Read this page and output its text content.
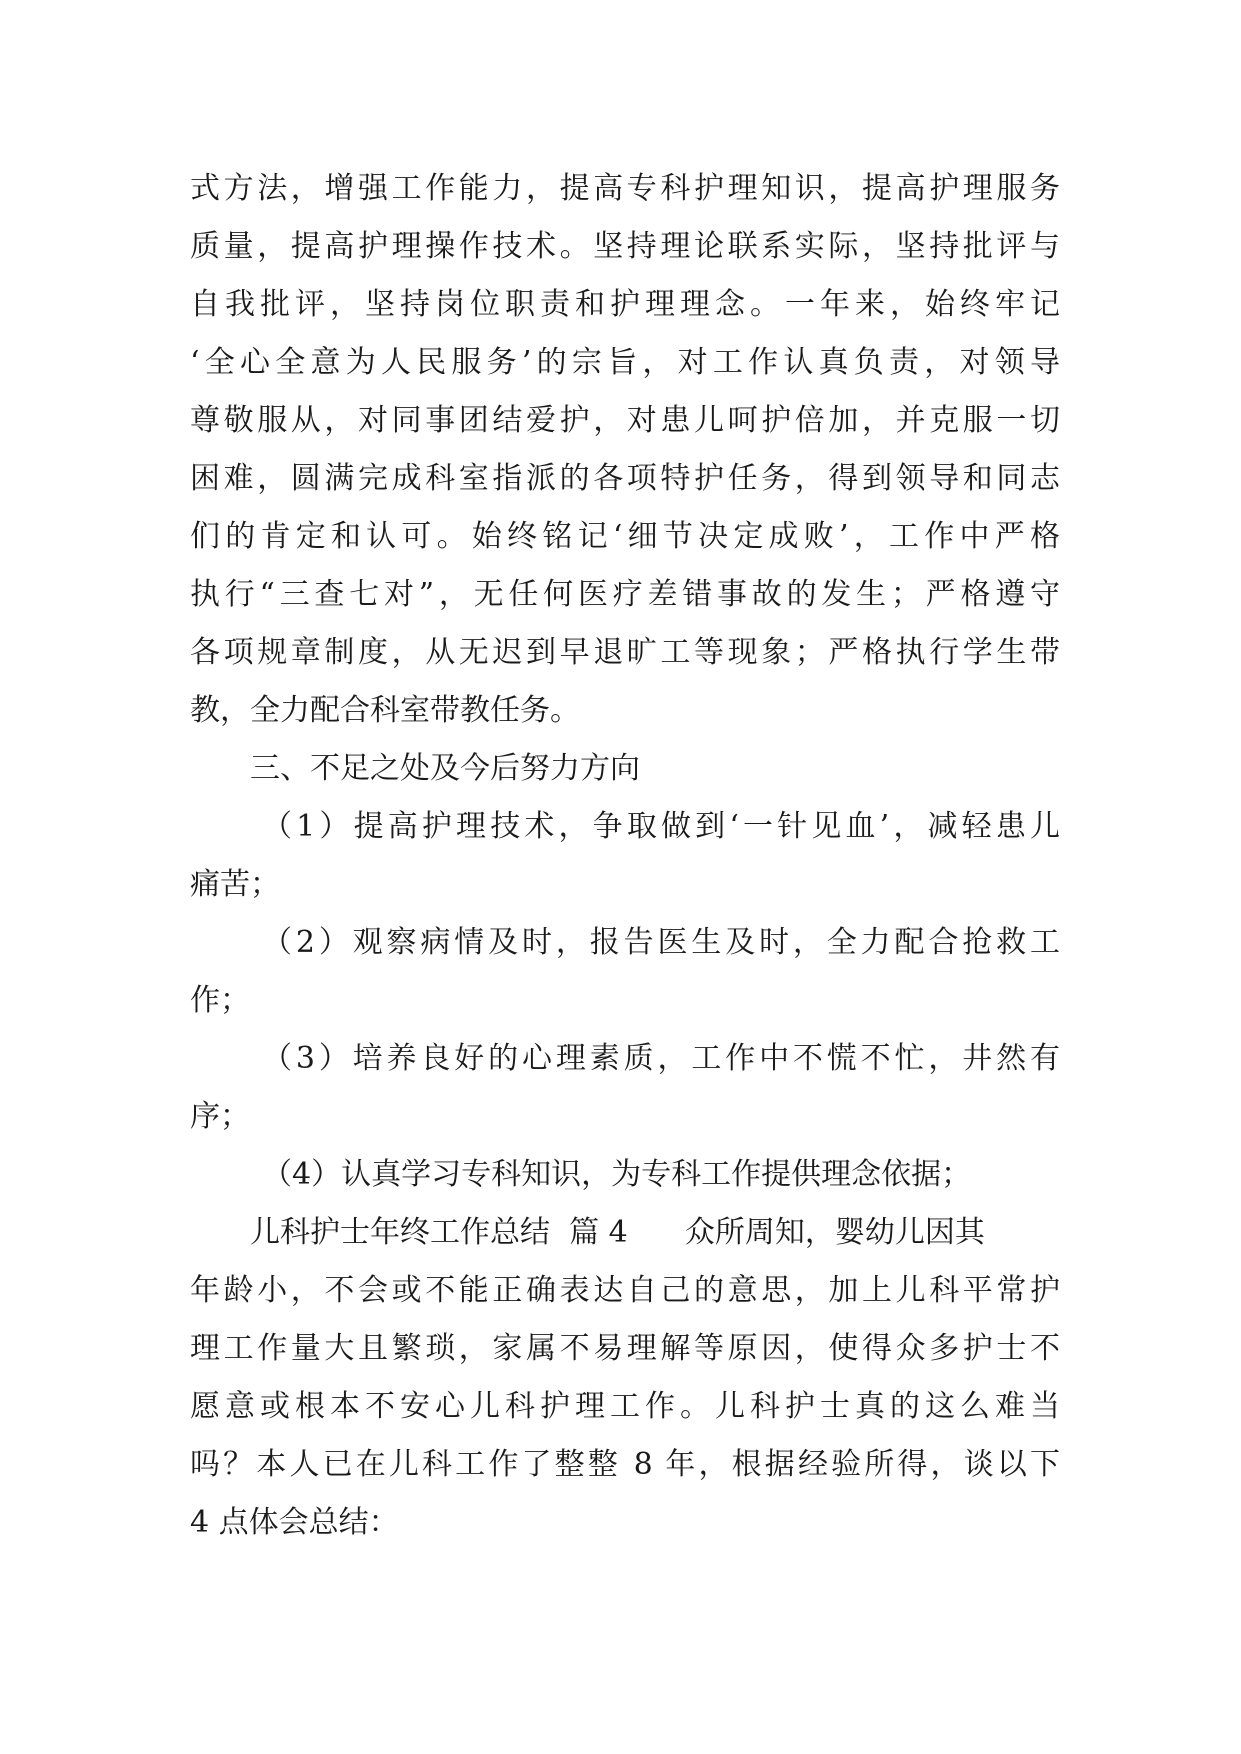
式方法，增强工作能力，提高专科护理知识，提高护理服务
质量，提高护理操作技术。坚持理论联系实际，坚持批评与
自我批评，坚持岗位职责和护理理念。一年来，始终牢记
‘全心全意为人民服务’的宗旨，对工作认真负责，对领导
尊敬服从，对同事团结爱护，对患儿呵护倍加，并克服一切
困难，圆满完成科室指派的各项特护任务，得到领导和同志
们的肯定和认可。始终铭记‘细节决定成败’，工作中严格
执行“三查七对”，无任何医疗差错事故的发生；严格遵守
各项规章制度，从无迟到早退旷工等现象；严格执行学生带
教，全力配合科室带教任务。
三、不足之处及今后努力方向
（1）提高护理技术，争取做到‘一针见血’，减轻患儿
痛苦；
（2）观察病情及时，报告医生及时，全力配合抢救工
作；
（3）培养良好的心理素质，工作中不慌不忙，井然有
序；
（4）认真学习专科知识，为专科工作提供理念依据；
儿科护士年终工作总结  篇 4      众所周知，婴幼儿因其
年龄小，不会或不能正确表达自己的意思，加上儿科平常护
理工作量大且繁琐，家属不易理解等原因，使得众多护士不
愿意或根本不安心儿科护理工作。儿科护士真的这么难当
吗？本人已在儿科工作了整整 8 年，根据经验所得，谈以下
4 点体会总结：
